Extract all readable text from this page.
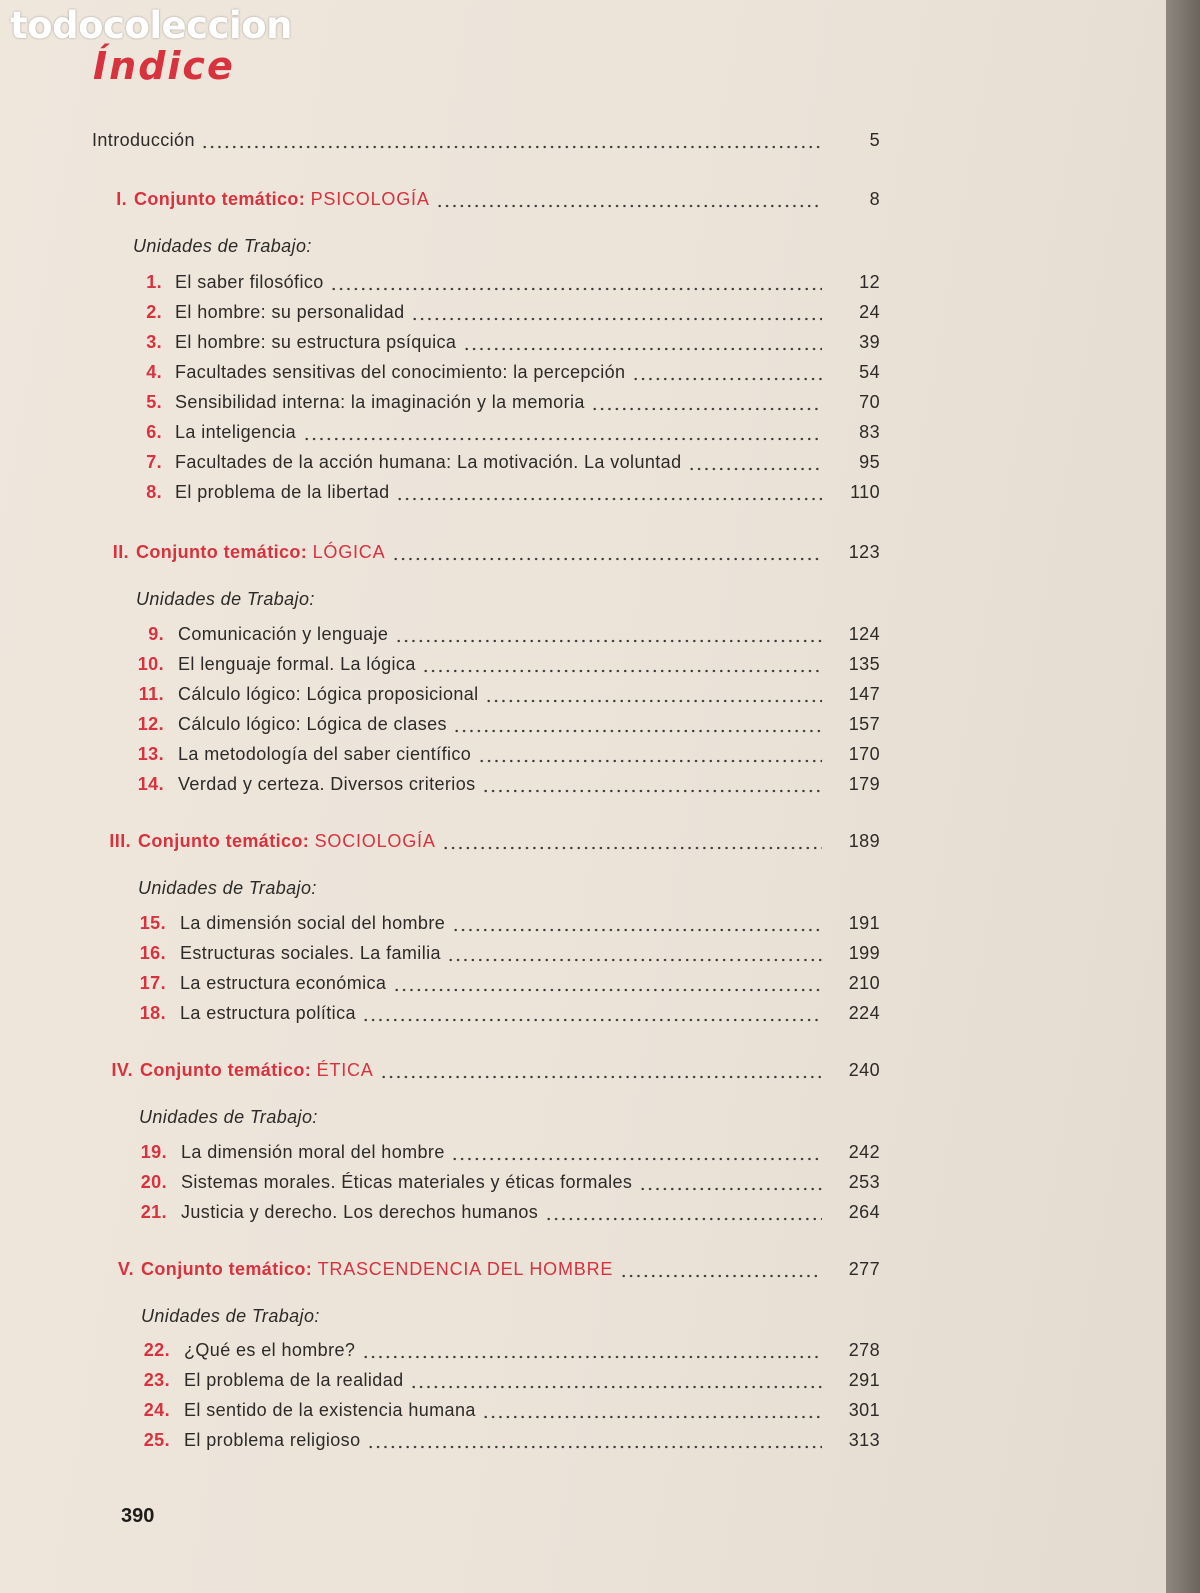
todocoleccion
Índice
Introducción	5
I. Conjunto temático: PSICOLOGÍA	8
Unidades de Trabajo:
1. El saber filosófico	12
2. El hombre: su personalidad	24
3. El hombre: su estructura psíquica	39
4. Facultades sensitivas del conocimiento: la percepción	54
5. Sensibilidad interna: la imaginación y la memoria	70
6. La inteligencia	83
7. Facultades de la acción humana: La motivación. La voluntad	95
8. El problema de la libertad	110
II. Conjunto temático: LÓGICA	123
Unidades de Trabajo:
9. Comunicación y lenguaje	124
10. El lenguaje formal. La lógica	135
11. Cálculo lógico: Lógica proposicional	147
12. Cálculo lógico: Lógica de clases	157
13. La metodología del saber científico	170
14. Verdad y certeza. Diversos criterios	179
III. Conjunto temático: SOCIOLOGÍA	189
Unidades de Trabajo:
15. La dimensión social del hombre	191
16. Estructuras sociales. La familia	199
17. La estructura económica	210
18. La estructura política	224
IV. Conjunto temático: ÉTICA	240
Unidades de Trabajo:
19. La dimensión moral del hombre	242
20. Sistemas morales. Éticas materiales y éticas formales	253
21. Justicia y derecho. Los derechos humanos	264
V. Conjunto temático: TRASCENDENCIA DEL HOMBRE	277
Unidades de Trabajo:
22. ¿Qué es el hombre?	278
23. El problema de la realidad	291
24. El sentido de la existencia humana	301
25. El problema religioso	313
390
